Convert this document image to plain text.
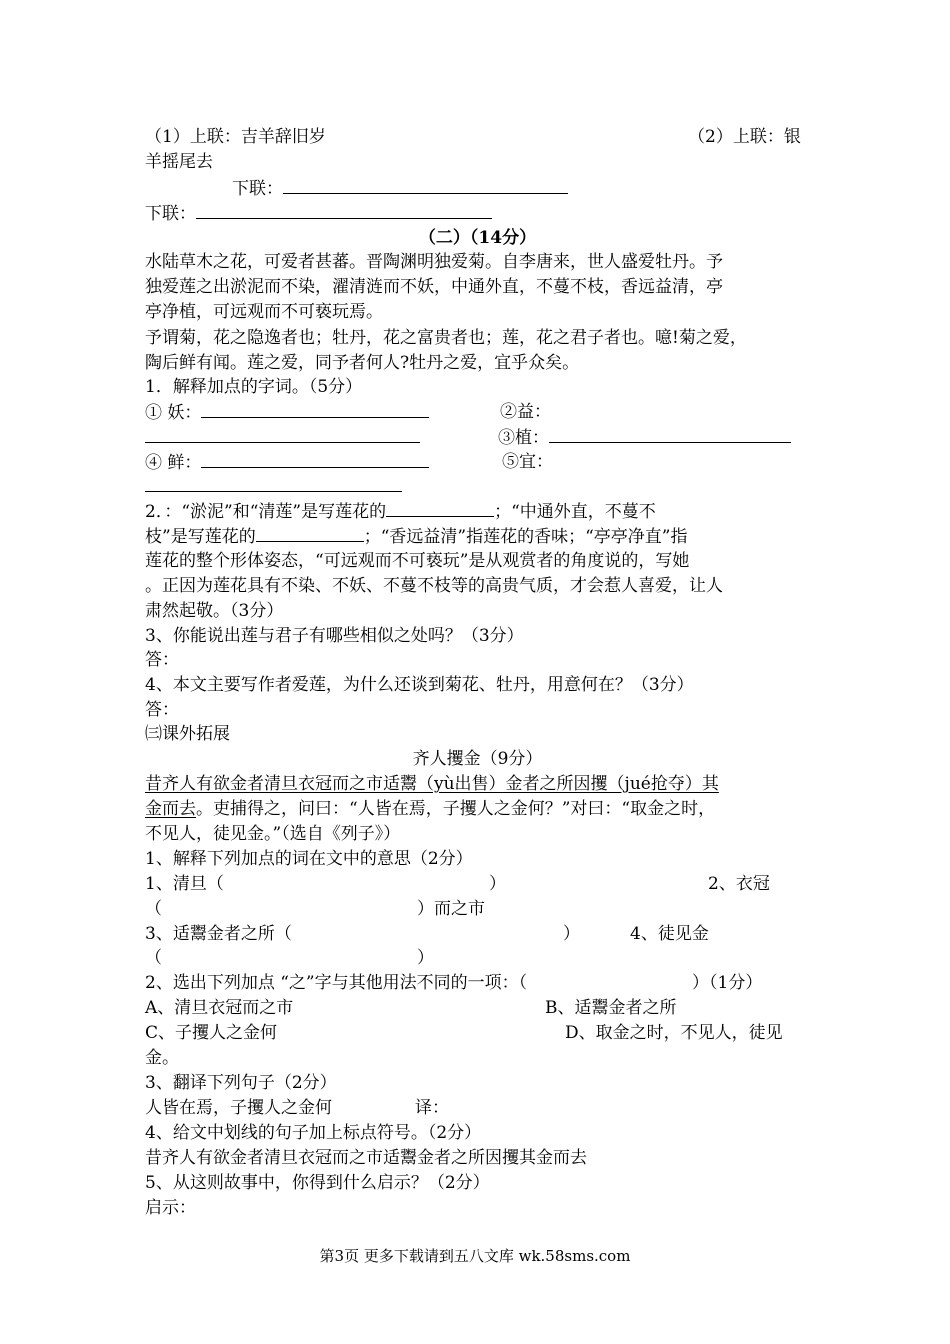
（1）上联：吉羊辞旧岁	（2）上联：银
羊摇尾去
下联：
下联：
（二）（14分）
水陆草木之花，可爱者甚蕃。晋陶渊明独爱菊。自李唐来，世人盛爱牡丹。予
独爱莲之出淤泥而不染，濯清涟而不妖，中通外直，不蔓不枝，香远益清，亭
亭净植，可远观而不可亵玩焉。
予谓菊，花之隐逸者也；牡丹，花之富贵者也；莲，花之君子者也。噫!菊之爱，
陶后鲜有闻。莲之爱，同予者何人?牡丹之爱，宜乎众矣。
1．解释加点的字词。（5分）
① 妖：	②益：
③植：
④ 鲜：	⑤宜：
2．：“淤泥”和“清莲”是写莲花的	；“中通外直，不蔓不
枝”是写莲花的	；“香远益清”指莲花的香味；“亭亭净直”指
莲花的整个形体姿态，“可远观而不可亵玩”是从观赏者的角度说的，写她
。正因为莲花具有不染、不妖、不蔓不枝等的高贵气质，才会惹人喜爱，让人
肃然起敬。（3分）
3、你能说出莲与君子有哪些相似之处吗？（3分）
答：
4、本文主要写作者爱莲，为什么还谈到菊花、牡丹，用意何在？（3分）
答：
㈢课外拓展
齐人攫金（9分）
昔齐人有欲金者清旦衣冠而之市适鬻（yù出售）金者之所因攫（jué抢夺）其
金而去。吏捕得之，问曰：“人皆在焉，子攫人之金何？”对曰：“取金之时，
不见人，徒见金。”（选自《列子》）
1、解释下列加点的词在文中的意思（2分）
1、清旦（	）	2、衣冠
（	）而之市
3、适鬻金者之所（	）	4、徒见金
（	）
2、选出下列加点 “之”字与其他用法不同的一项：（	）（1分）
A、清旦衣冠而之市	B、适鬻金者之所
C、子攫人之金何	D、取金之时，不见人，徒见
金。
3、翻译下列句子（2分）
人皆在焉，子攫人之金何	译：
4、给文中划线的句子加上标点符号。（2分）
昔齐人有欲金者清旦衣冠而之市适鬻金者之所因攫其金而去
5、从这则故事中，你得到什么启示？（2分）
启示：
第3页 更多下载请到五八文库 wk.58sms.com
